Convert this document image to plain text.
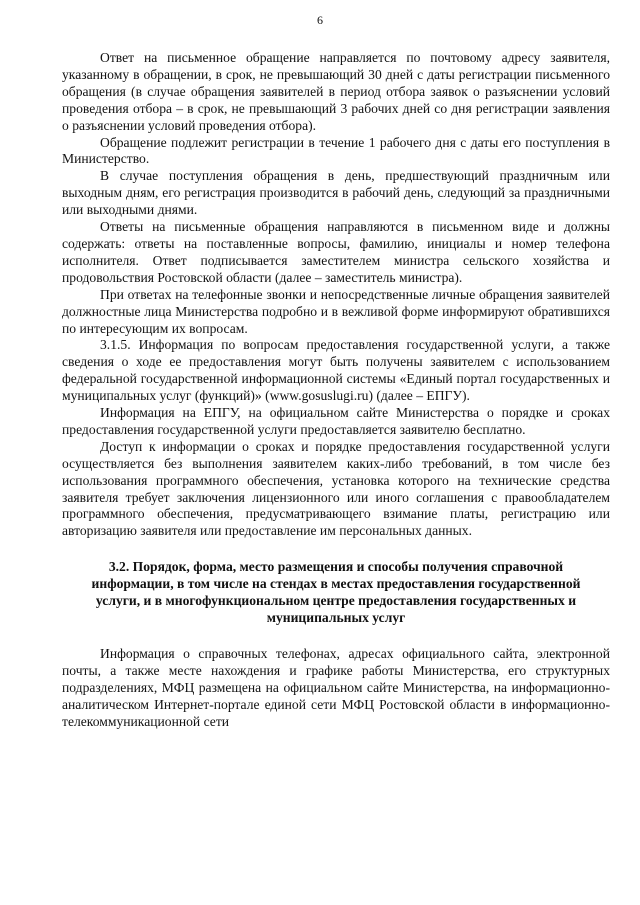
6

Ответ на письменное обращение направляется по почтовому адресу заявителя, указанному в обращении, в срок, не превышающий 30 дней с даты регистрации письменного обращения (в случае обращения заявителей в период отбора заявок о разъяснении условий проведения отбора – в срок, не превышающий 3 рабочих дней со дня регистрации заявления о разъяснении условий проведения отбора).

Обращение подлежит регистрации в течение 1 рабочего дня с даты его поступления в Министерство.

В случае поступления обращения в день, предшествующий праздничным или выходным дням, его регистрация производится в рабочий день, следующий за праздничными или выходными днями.

Ответы на письменные обращения направляются в письменном виде и должны содержать: ответы на поставленные вопросы, фамилию, инициалы и номер телефона исполнителя. Ответ подписывается заместителем министра сельского хозяйства и продовольствия Ростовской области (далее – заместитель министра).

При ответах на телефонные звонки и непосредственные личные обращения заявителей должностные лица Министерства подробно и в вежливой форме информируют обратившихся по интересующим их вопросам.

3.1.5. Информация по вопросам предоставления государственной услуги, а также сведения о ходе ее предоставления могут быть получены заявителем с использованием федеральной государственной информационной системы «Единый портал государственных и муниципальных услуг (функций)» (www.gosuslugi.ru) (далее – ЕПГУ).

Информация на ЕПГУ, на официальном сайте Министерства о порядке и сроках предоставления государственной услуги предоставляется заявителю бесплатно.

Доступ к информации о сроках и порядке предоставления государственной услуги осуществляется без выполнения заявителем каких-либо требований, в том числе без использования программного обеспечения, установка которого на технические средства заявителя требует заключения лицензионного или иного соглашения с правообладателем программного обеспечения, предусматривающего взимание платы, регистрацию или авторизацию заявителя или предоставление им персональных данных.

3.2. Порядок, форма, место размещения и способы получения справочной информации, в том числе на стендах в местах предоставления государственной услуги, и в многофункциональном центре предоставления государственных и муниципальных услуг

Информация о справочных телефонах, адресах официального сайта, электронной почты, а также месте нахождения и графике работы Министерства, его структурных подразделениях, МФЦ размещена на официальном сайте Министерства, на информационно-аналитическом Интернет-портале единой сети МФЦ Ростовской области в информационно-телекоммуникационной сети
